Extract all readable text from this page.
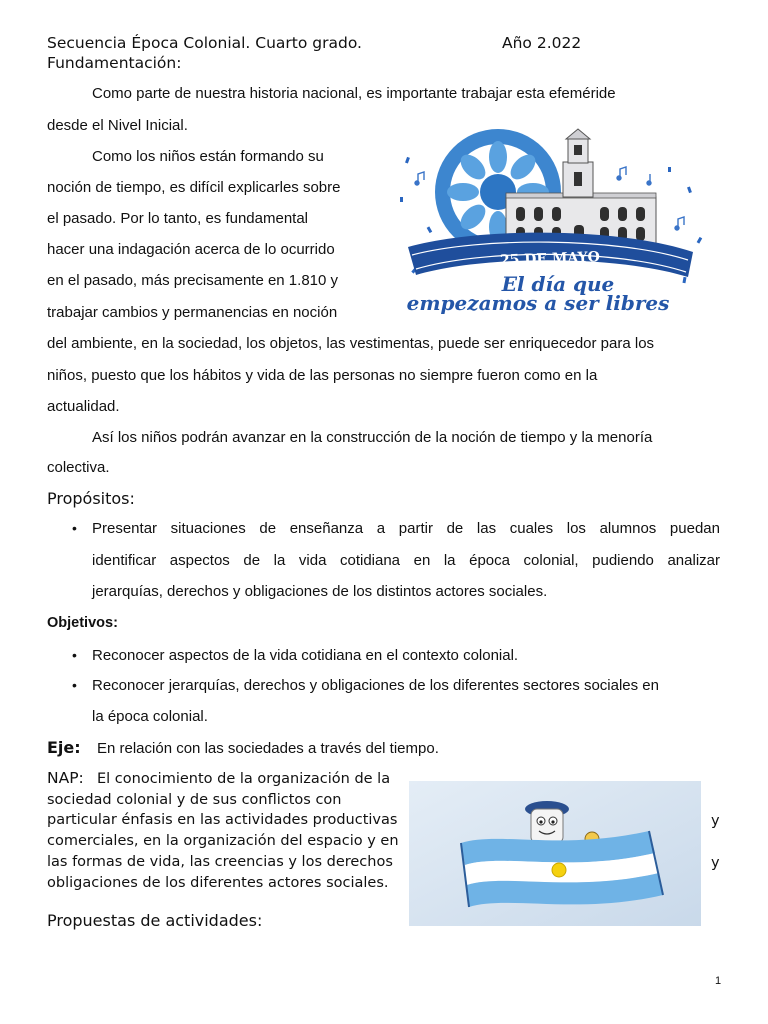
Secuencia Época Colonial. Cuarto grado.	Año 2.022
Fundamentación:
Como parte de nuestra historia nacional, es importante trabajar esta efeméride
desde el Nivel Inicial.
Como los niños están formando su
noción de tiempo, es difícil explicarles sobre
el pasado. Por lo tanto, es fundamental
hacer una indagación acerca de lo ocurrido
en el pasado, más precisamente en 1.810 y
trabajar cambios y permanencias en noción
del ambiente, en la sociedad, los objetos, las vestimentas, puede ser enriquecedor para los
niños, puesto que los hábitos y vida de las personas no siempre fueron como en la
actualidad.
Así los niños podrán avanzar en la construcción de la noción de tiempo y la menoría
colectiva.
25 DE MAYO
El día que
empezamos a ser libres
Propósitos:
• Presentar situaciones de enseñanza a partir de las cuales los alumnos puedan
identificar aspectos de la vida cotidiana en la época colonial, pudiendo analizar
jerarquías, derechos y obligaciones de los distintos actores sociales.
Objetivos:
• Reconocer aspectos de la vida cotidiana en el contexto colonial.
• Reconocer jerarquías, derechos y obligaciones de los diferentes sectores sociales en
la época colonial.
Eje: En relación con las sociedades a través del tiempo.
NAP: El conocimiento de la organización de la
sociedad colonial y de sus conflictos con
particular énfasis en las actividades productivas
comerciales, en la organización del espacio y en
las formas de vida, las creencias y los derechos
obligaciones de los diferentes actores sociales.
y
y
Propuestas de actividades:
1
